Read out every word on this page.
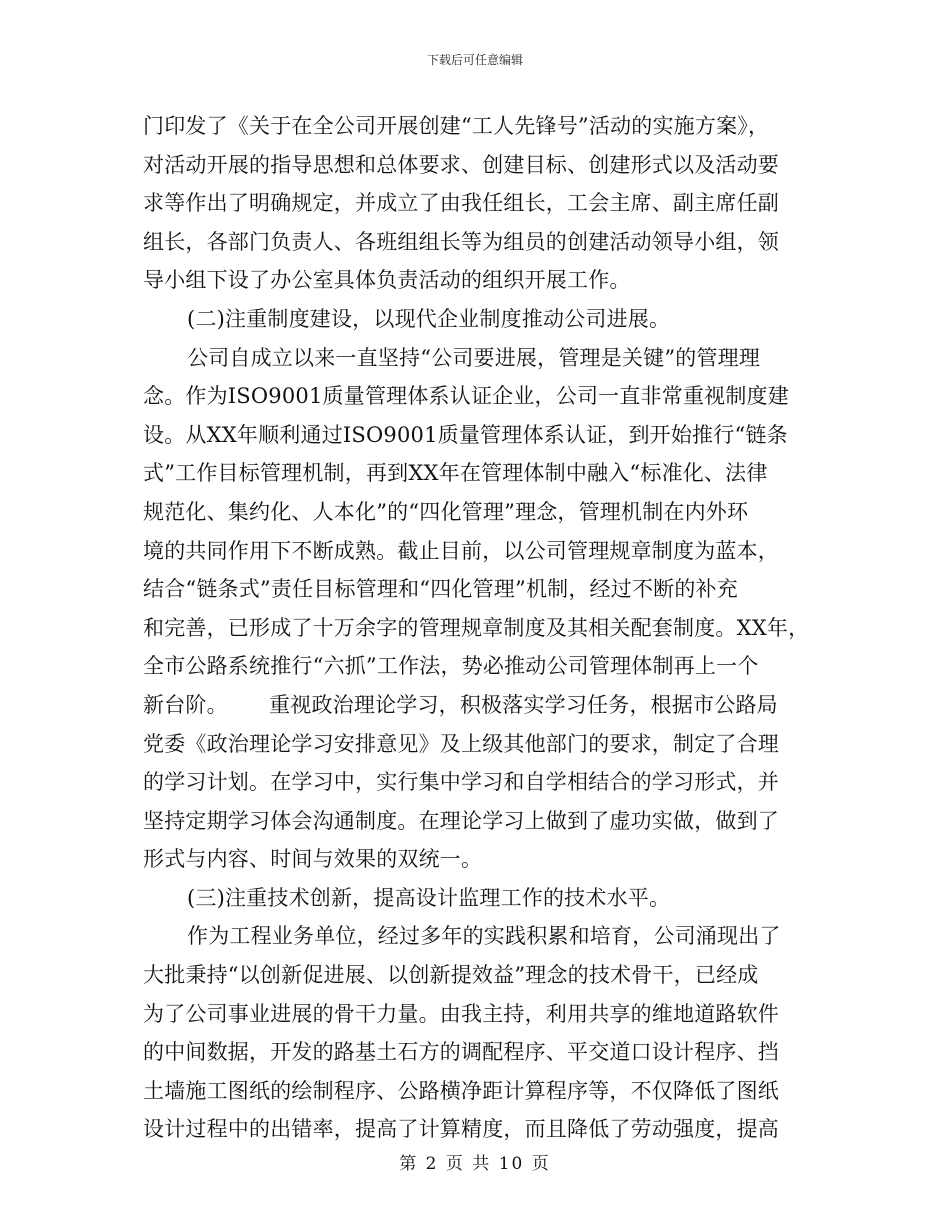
下载后可任意编辑
门印发了《关于在全公司开展创建“工人先锋号”活动的实施方案》，
对活动开展的指导思想和总体要求、创建目标、创建形式以及活动要
求等作出了明确规定，并成立了由我任组长，工会主席、副主席任副
组长，各部门负责人、各班组组长等为组员的创建活动领导小组，领
导小组下设了办公室具体负责活动的组织开展工作。
(二)注重制度建设，以现代企业制度推动公司进展。
公司自成立以来一直坚持“公司要进展，管理是关键”的管理理
念。作为ISO9001质量管理体系认证企业，公司一直非常重视制度建
设。从XX年顺利通过ISO9001质量管理体系认证，到开始推行“链条
式”工作目标管理机制，再到XX年在管理体制中融入“标准化、法律
规范化、集约化、人本化”的“四化管理”理念，管理机制在内外环
境的共同作用下不断成熟。截止目前，以公司管理规章制度为蓝本，
结合“链条式”责任目标管理和“四化管理”机制，经过不断的补充
和完善，已形成了十万余字的管理规章制度及其相关配套制度。XX年，
全市公路系统推行“六抓”工作法，势必推动公司管理体制再上一个
新台阶。      重视政治理论学习，积极落实学习任务，根据市公路局
党委《政治理论学习安排意见》及上级其他部门的要求，制定了合理
的学习计划。在学习中，实行集中学习和自学相结合的学习形式，并
坚持定期学习体会沟通制度。在理论学习上做到了虚功实做，做到了
形式与内容、时间与效果的双统一。
(三)注重技术创新，提高设计监理工作的技术水平。
作为工程业务单位，经过多年的实践积累和培育，公司涌现出了
大批秉持“以创新促进展、以创新提效益”理念的技术骨干，已经成
为了公司事业进展的骨干力量。由我主持，利用共享的维地道路软件
的中间数据，开发的路基土石方的调配程序、平交道口设计程序、挡
土墙施工图纸的绘制程序、公路横净距计算程序等，不仅降低了图纸
设计过程中的出错率，提高了计算精度，而且降低了劳动强度，提高
第 2 页 共 10 页
